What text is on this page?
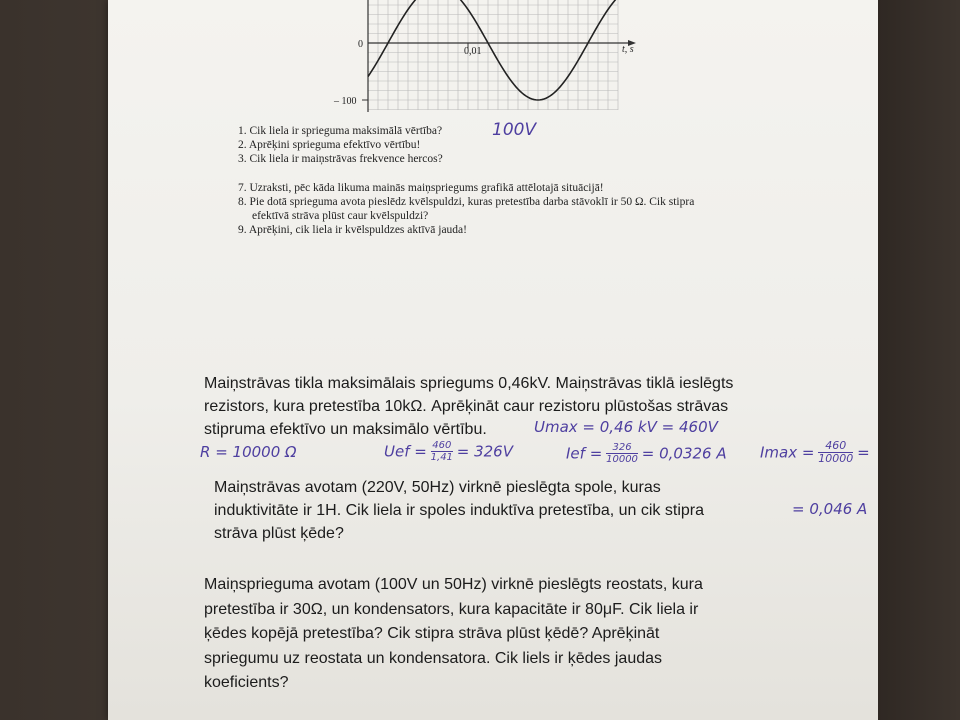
0
– 100
0,01	t, s
1. Cik liela ir sprieguma maksimālā vērtība?
2. Aprēķini sprieguma efektīvo vērtību!
3. Cik liela ir maiņstrāvas frekvence hercos?
7. Uzraksti, pēc kāda likuma mainās maiņspriegums grafikā attēlotajā situācijā!
8. Pie dotā sprieguma avota pieslēdz kvēlspuldzi, kuras pretestība darba stāvoklī ir 50 Ω. Cik stipra
efektīvā strāva plūst caur kvēlspuldzi?
9. Aprēķini, cik liela ir kvēlspuldzes aktīvā jauda!
100V
Maiņstrāvas tikla maksimālais spriegums 0,46kV. Maiņstrāvas tiklā ieslēgts
rezistors, kura pretestība 10kΩ. Aprēķināt caur rezistoru plūstošas strāvas
stipruma efektīvo un maksimālo vērtību.	Umax = 0,46 kV = 460V
R = 10000 Ω	Uef = $\frac{460}{1,41} = 326V$	Ief = $\frac{326}{10000} = 0,0326$ A $Imax = \frac{460}{10000}$ =
= 0,046 A
Maiņstrāvas avotam (220V, 50Hz) virknē pieslēgta spole, kuras
induktivitāte ir 1H. Cik liela ir spoles induktīva pretestība, un cik stipra
strāva plūst ķēde?
Maiņsprieguma avotam (100V un 50Hz) virknē pieslēgts reostats, kura
pretestība ir 30Ω, un kondensators, kura kapacitāte ir 80μF. Cik liela ir
ķēdes kopējā pretestība? Cik stipra strāva plūst ķēdē? Aprēķināt
spriegumu uz reostata un kondensatora. Cik liels ir ķēdes jaudas
koeficients?
